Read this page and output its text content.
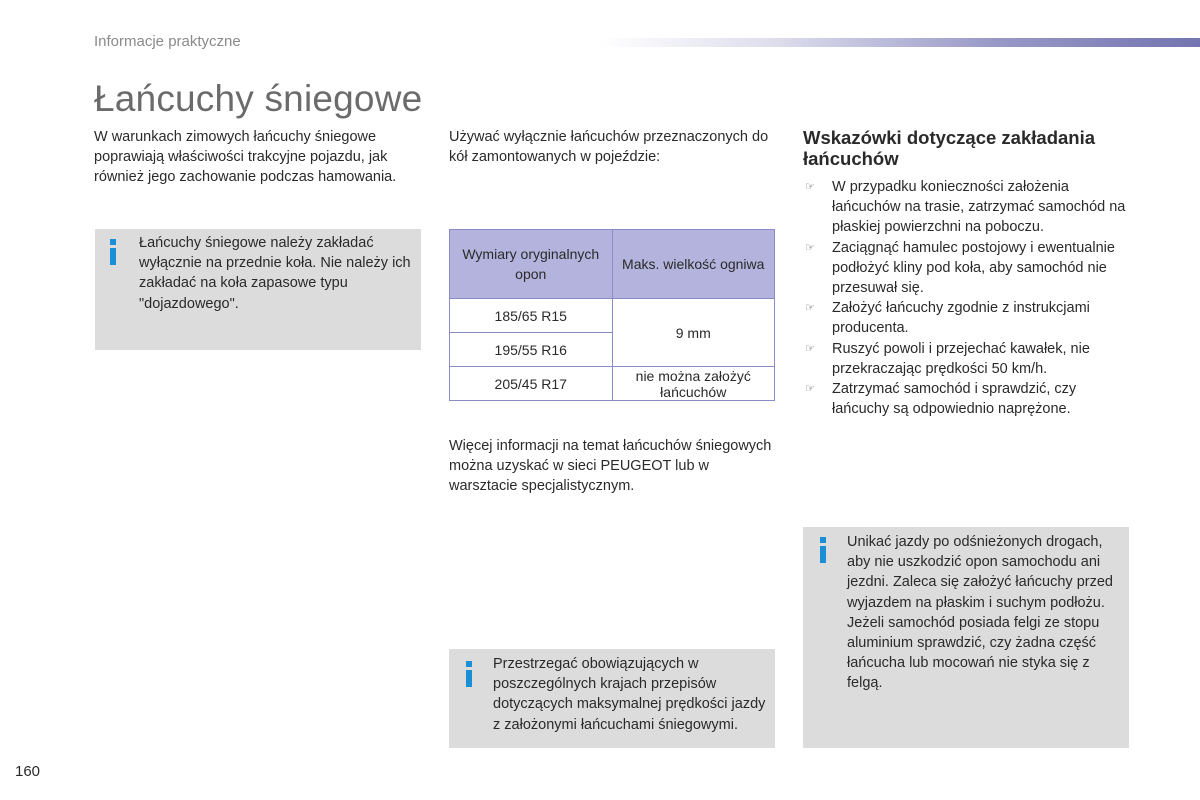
Informacje praktyczne
Łańcuchy śniegowe

W warunkach zimowych łańcuchy śniegowe poprawiają właściwości trakcyjne pojazdu, jak również jego zachowanie podczas hamowania.

Łańcuchy śniegowe należy zakładać wyłącznie na przednie koła. Nie należy ich zakładać na koła zapasowe typu "dojazdowego".

Używać wyłącznie łańcuchów przeznaczonych do kół zamontowanych w pojeździe:

Wymiary oryginalnych opon	Maks. wielkość ogniwa
185/65 R15	9 mm
195/55 R16	
205/45 R17	nie można założyć łańcuchów

Więcej informacji na temat łańcuchów śniegowych można uzyskać w sieci PEUGEOT lub w warsztacie specjalistycznym.

Przestrzegać obowiązujących w poszczególnych krajach przepisów dotyczących maksymalnej prędkości jazdy z założonymi łańcuchami śniegowymi.

Wskazówki dotyczące zakładania łańcuchów
☞ W przypadku konieczności założenia łańcuchów na trasie, zatrzymać samochód na płaskiej powierzchni na poboczu.
☞ Zaciągnąć hamulec postojowy i ewentualnie podłożyć kliny pod koła, aby samochód nie przesuwał się.
☞ Założyć łańcuchy zgodnie z instrukcjami producenta.
☞ Ruszyć powoli i przejechać kawałek, nie przekraczając prędkości 50 km/h.
☞ Zatrzymać samochód i sprawdzić, czy łańcuchy są odpowiednio naprężone.

Unikać jazdy po odśnieżonych drogach, aby nie uszkodzić opon samochodu ani jezdni. Zaleca się założyć łańcuchy przed wyjazdem na płaskim i suchym podłożu. Jeżeli samochód posiada felgi ze stopu aluminium sprawdzić, czy żadna część łańcucha lub mocowań nie styka się z felgą.

160
